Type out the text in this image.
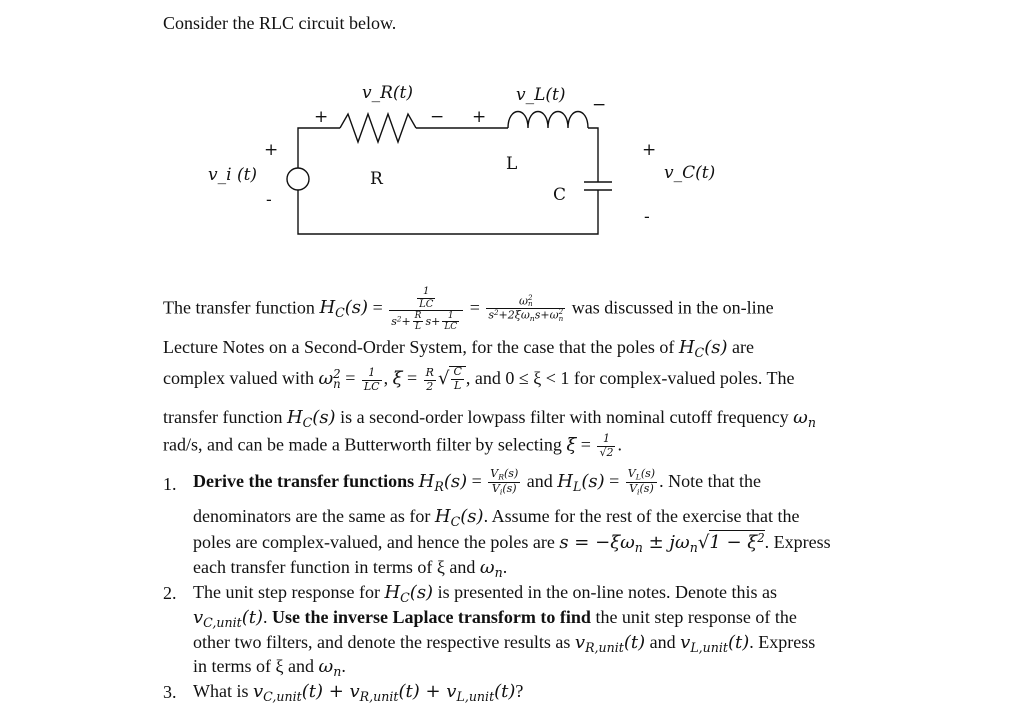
Consider the RLC circuit below.
+
-
+	− +
−
+
-
v_R(t)	v_L(t)
v_C(t)
v_i (t)	R
L
C
The transfer function $H_C(s) = \frac{\frac{1}{LC}}{s^2+ \frac{R}{L} s+ \frac{1}{LC}} = \omega$ 2
n
$s^2+2\xi\omega_ns+\omega$ 2
n was discussed in the on-line
Lecture Notes on a Second-Order System, for the case that the poles of $H_C(s)$ are
complex valued with ω 2
$n = \frac{1}{LC}$ , $\xi = \frac{R}{2}$ √ $\frac{C}{L}$ , and 0 ≤ ξ < 1 for complex-valued poles. The
transfer function $H_C(s)$ is a second-order lowpass filter with nominal cutoff frequency $\omega_n$
rad/s, and can be made a Butterworth filter by selecting $\xi = \frac{1}{√2}$ .
1. Derive the transfer functions $H_R(s) = \frac{V_R(s)}{V_i(s)}$ and $H_L(s) = \frac{V_L(s)}{V_i(s)}$ . Note that the
denominators are the same as for $H_C(s)$. Assume for the rest of the exercise that the
poles are complex-valued, and hence the poles are $s = -\xi\omega_n \pm j\omega_n√1 - \xi^2$. Express
each transfer function in terms of ξ and $\omega_n$.
2. The unit step response for $H_C(s)$ is presented in the on-line notes. Denote this as
$v_{C,unit}(t)$. Use the inverse Laplace transform to find the unit step response of the
other two filters, and denote the respective results as $v_{R,unit}(t)$ and $v_{L,unit}(t)$. Express
in terms of ξ and $\omega_n$.
3. What is $v_{C,unit}(t) + v_{R,unit}(t) + v_{L,unit}(t)$?
